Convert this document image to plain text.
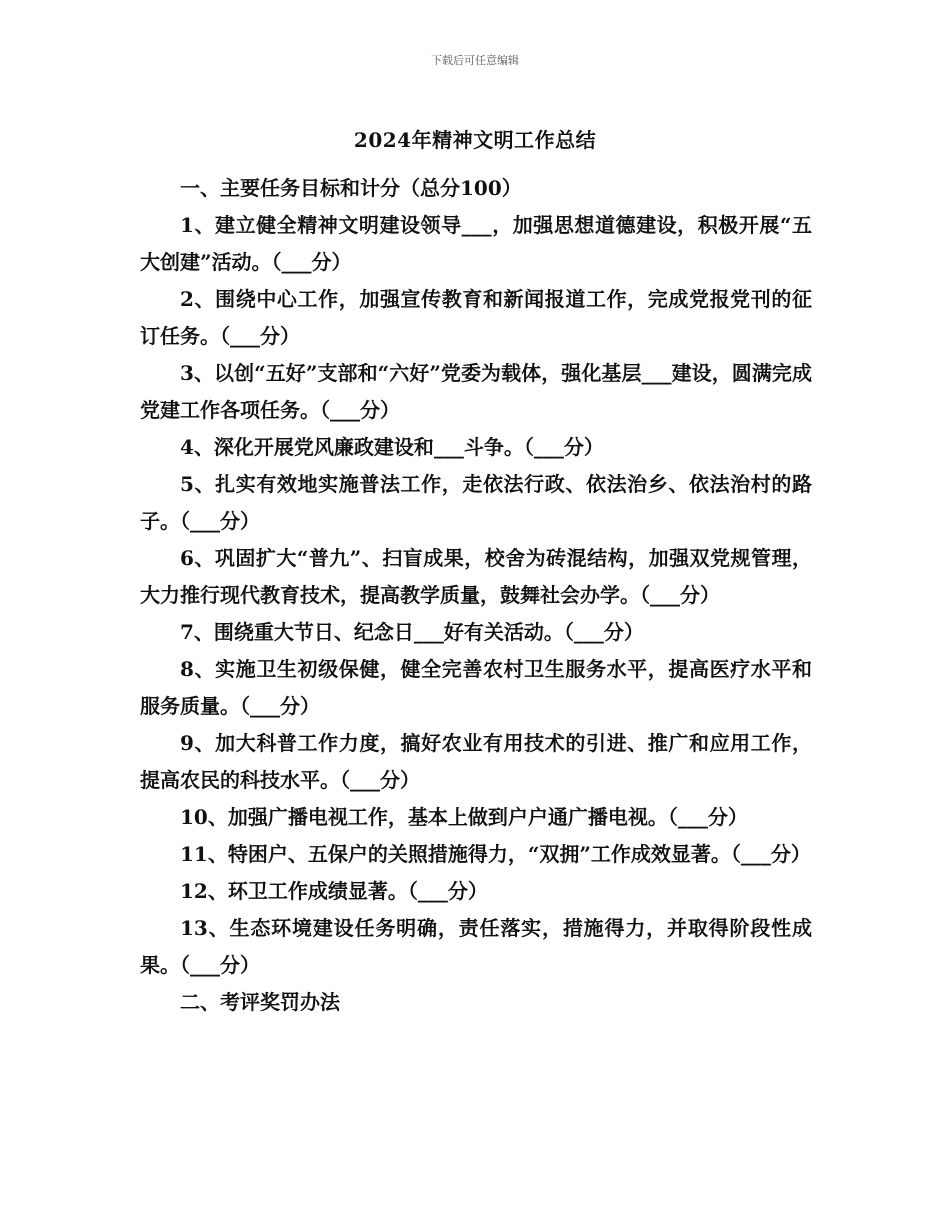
下载后可任意编辑
2024年精神文明工作总结

一、主要任务目标和计分（总分100）

1、建立健全精神文明建设领导___，加强思想道德建设，积极开展“五大创建”活动。（___分）

2、围绕中心工作，加强宣传教育和新闻报道工作，完成党报党刊的征订任务。（___分）

3、以创“五好”支部和“六好”党委为载体，强化基层___建设，圆满完成党建工作各项任务。（___分）

4、深化开展党风廉政建设和___斗争。（___分）

5、扎实有效地实施普法工作，走依法行政、依法治乡、依法治村的路子。（___分）

6、巩固扩大“普九”、扫盲成果，校舍为砖混结构，加强双党规管理，大力推行现代教育技术，提高教学质量，鼓舞社会办学。（___分）

7、围绕重大节日、纪念日___好有关活动。（___分）

8、实施卫生初级保健，健全完善农村卫生服务水平，提高医疗水平和服务质量。（___分）

9、加大科普工作力度，搞好农业有用技术的引进、推广和应用工作，提高农民的科技水平。（___分）

10、加强广播电视工作，基本上做到户户通广播电视。（___分）

11、特困户、五保户的关照措施得力，“双拥”工作成效显著。（___分）

12、环卫工作成绩显著。（___分）

13、生态环境建设任务明确，责任落实，措施得力，并取得阶段性成果。（___分）

二、考评奖罚办法
